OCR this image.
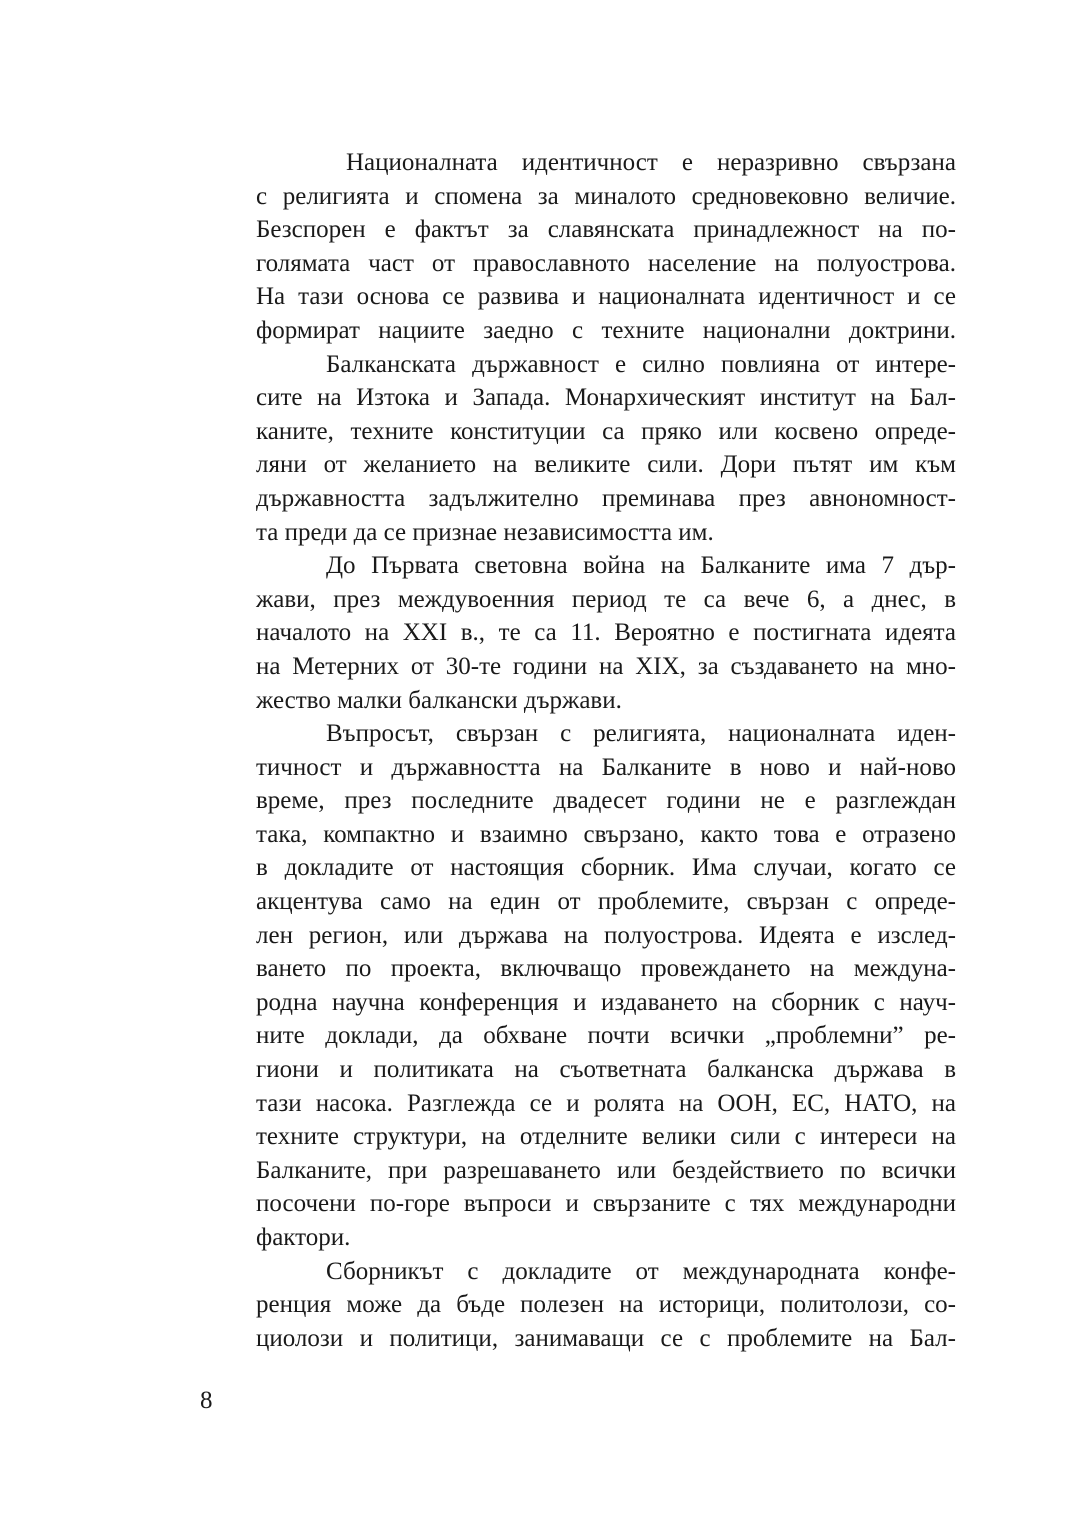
Националната идентичност е неразривно свързана
с религията и спомена за миналото средновековно величие.
Безспорен е фактът за славянската принадлежност на по-
голямата част от православното население на полуострова.
На тази основа се развива и националната идентичност и се
формират нациите заедно с техните национални доктрини.
Балканската държавност е силно повлияна от интере-
сите на Изтока и Запада. Монархическият институт на Бал-
каните, техните конституции са пряко или косвено опреде-
ляни от желанието на великите сили. Дори пътят им към
държавността задължително преминава през авнономност-
та преди да се признае независимостта им.
До Първата световна война на Балканите има 7 дър-
жави, през междувоенния период те са вече 6, а днес, в
началото на XXI в., те са 11. Вероятно е постигната идеята
на Метерних от 30-те години на XIX, за създаването на мно-
жество малки балкански държави.
Въпросът, свързан с религията, националната иден-
тичност и държавността на Балканите в ново и най-ново
време, през последните двадесет години не е разглеждан
така, компактно и взаимно свързано, както това е отразено
в докладите от настоящия сборник. Има случаи, когато се
акцентува само на един от проблемите, свързан с опреде-
лен регион, или държава на полуострова. Идеята е изслед-
ването по проекта, включващо провеждането на междуна-
родна научна конференция и издаването на сборник с науч-
ните доклади, да обхване почти всички „проблемни” ре-
гиони и политиката на съответната балканска държава в
тази насока. Разглежда се и ролята на ООН, ЕС, НАТО, на
техните структури, на отделните велики сили с интереси на
Балканите, при разрешаването или бездействието по всички
посочени по-горе въпроси и свързаните с тях международни
фактори.
Сборникът с докладите от международната конфе-
ренция може да бъде полезен на историци, политолози, со-
циолози и политици, занимаващи се с проблемите на Бал-
8
